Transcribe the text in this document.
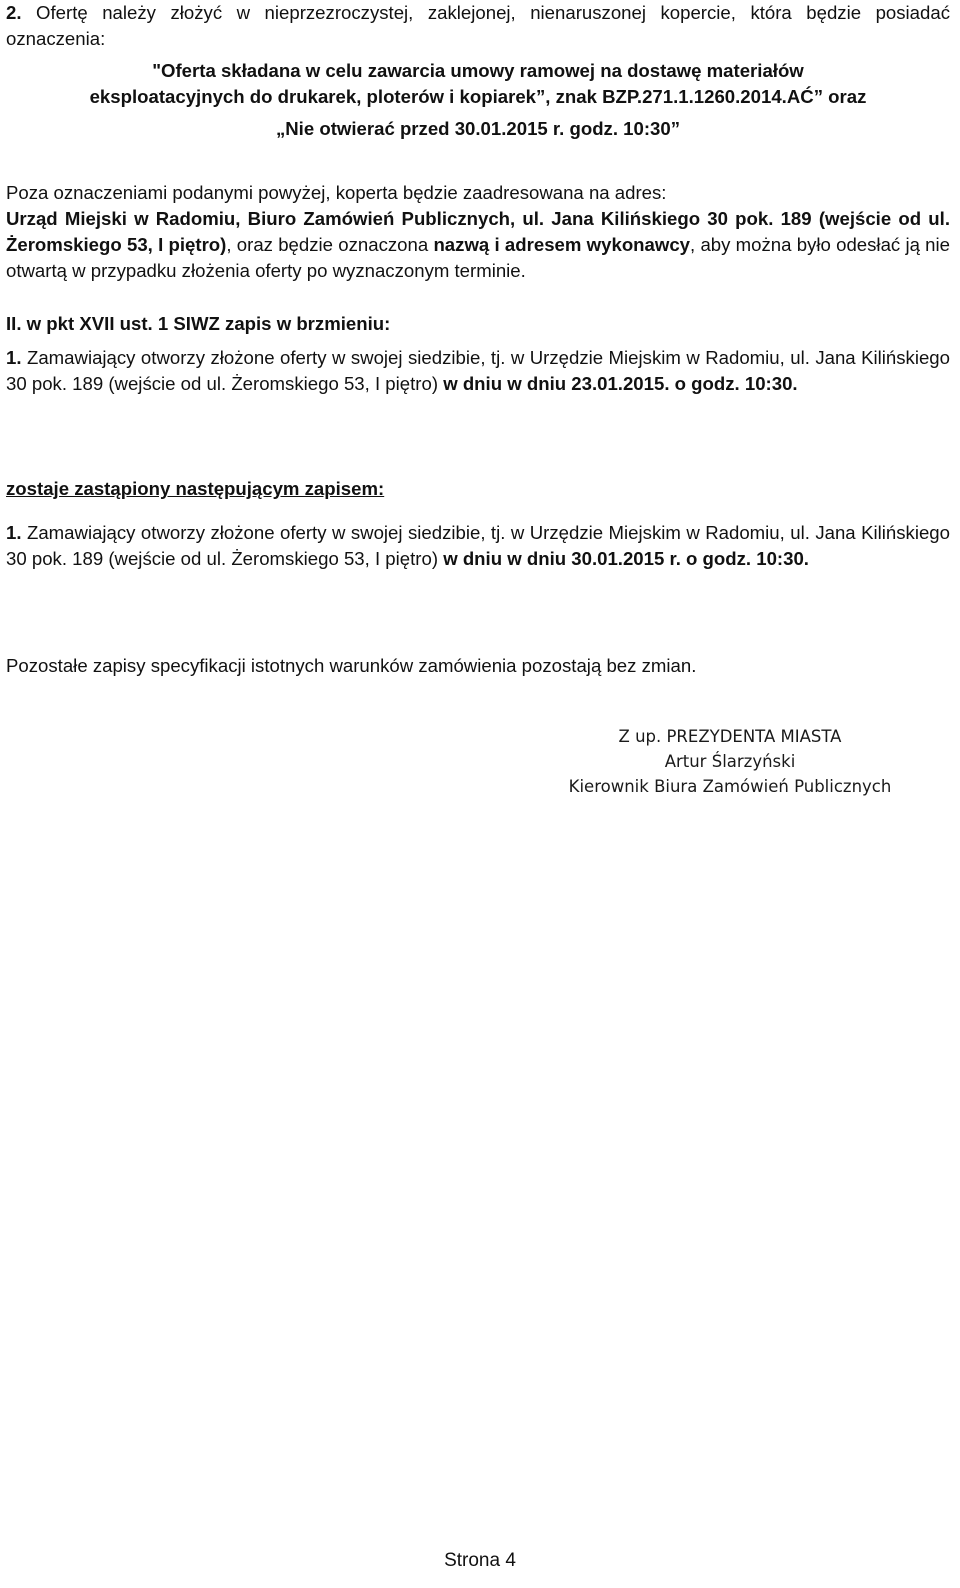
2. Ofertę należy złożyć w nieprzezroczystej, zaklejonej, nienaruszonej kopercie, która będzie posiadać oznaczenia:
"Oferta składana w celu zawarcia umowy ramowej na dostawę materiałów
eksploatacyjnych do drukarek, ploterów i kopiarek”, znak BZP.271.1.1260.2014.AĆ” oraz
„Nie otwierać przed 30.01.2015 r. godz. 10:30”
Poza oznaczeniami podanymi powyżej, koperta będzie zaadresowana na adres:
Urząd Miejski w Radomiu, Biuro Zamówień Publicznych, ul. Jana Kilińskiego 30 pok. 189 (wejście od ul. Żeromskiego 53, I piętro), oraz będzie oznaczona nazwą i adresem wykonawcy, aby można było odesłać ją nie otwartą w przypadku złożenia oferty po wyznaczonym terminie.
II. w pkt XVII ust. 1 SIWZ zapis w brzmieniu:
1. Zamawiający otworzy złożone oferty w swojej siedzibie, tj. w Urzędzie Miejskim w Radomiu, ul. Jana Kilińskiego 30 pok. 189 (wejście od ul. Żeromskiego 53, I piętro) w dniu w dniu 23.01.2015. o godz. 10:30.
zostaje zastąpiony następującym zapisem:
1. Zamawiający otworzy złożone oferty w swojej siedzibie, tj. w Urzędzie Miejskim w Radomiu, ul. Jana Kilińskiego 30 pok. 189 (wejście od ul. Żeromskiego 53, I piętro) w dniu w dniu 30.01.2015 r. o godz. 10:30.
Pozostałe zapisy specyfikacji istotnych warunków zamówienia pozostają bez zmian.
Z up. PREZYDENTA MIASTA
Artur Ślarzyński
Kierownik Biura Zamówień Publicznych
Strona 4
